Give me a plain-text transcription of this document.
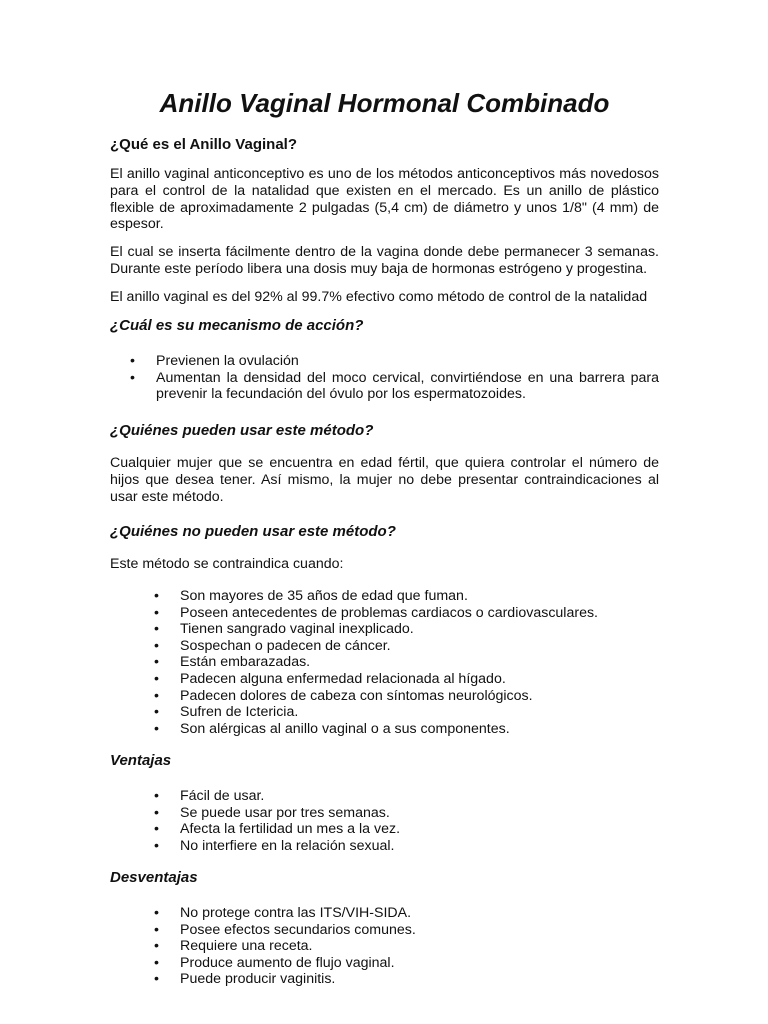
Anillo Vaginal Hormonal Combinado
¿Qué es el Anillo Vaginal?

El anillo vaginal anticonceptivo es uno de los métodos anticonceptivos más novedosos para el control de la natalidad que existen en el mercado. Es un anillo de plástico flexible de aproximadamente 2 pulgadas (5,4 cm) de diámetro y unos 1/8" (4 mm) de espesor.

El cual se inserta fácilmente dentro de la vagina donde debe permanecer 3 semanas. Durante este período libera una dosis muy baja de hormonas estrógeno y progestina.

El anillo vaginal es del 92% al 99.7% efectivo como método de control de la natalidad

¿Cuál es su mecanismo de acción?
• Previenen la ovulación
• Aumentan la densidad del moco cervical, convirtiéndose en una barrera para prevenir la fecundación del óvulo por los espermatozoides.
¿Quiénes pueden usar este método?

Cualquier mujer que se encuentra en edad fértil, que quiera controlar el número de hijos que desea tener. Así mismo, la mujer no debe presentar contraindicaciones al usar este método.

¿Quiénes no pueden usar este método?

Este método se contraindica cuando:

• Son mayores de 35 años de edad que fuman.
• Poseen antecedentes de problemas cardiacos o cardiovasculares.
• Tienen sangrado vaginal inexplicado.
• Sospechan o padecen de cáncer.
• Están embarazadas.
• Padecen alguna enfermedad relacionada al hígado.
• Padecen dolores de cabeza con síntomas neurológicos.
• Sufren de Ictericia.
• Son alérgicas al anillo vaginal o a sus componentes.
Ventajas
• Fácil de usar.
• Se puede usar por tres semanas.
• Afecta la fertilidad un mes a la vez.
• No interfiere en la relación sexual.
Desventajas
• No protege contra las ITS/VIH-SIDA.
• Posee efectos secundarios comunes.
• Requiere una receta.
• Produce aumento de flujo vaginal.
• Puede producir vaginitis.
